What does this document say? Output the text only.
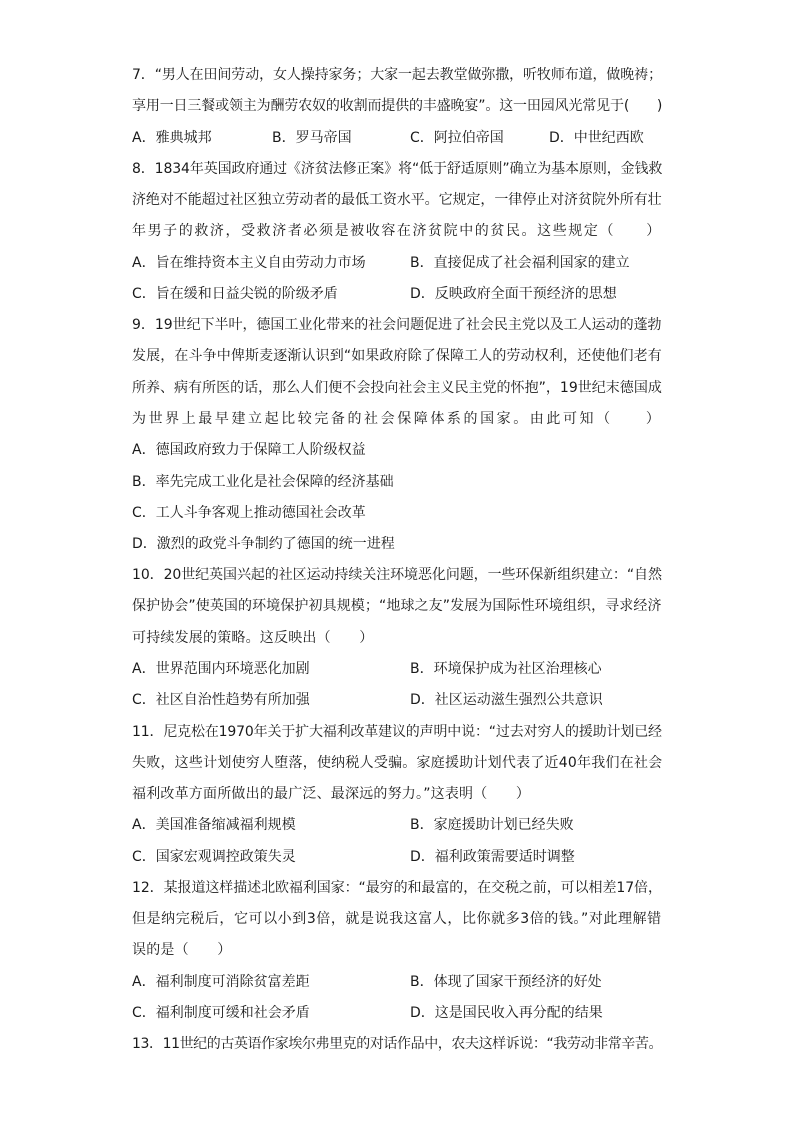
7．“男人在田间劳动，女人操持家务；大家一起去教堂做弥撒，听牧师布道，做晚祷；
享用一日三餐或领主为酬劳农奴的收割而提供的丰盛晚宴”。这一田园风光常见于(　　)
A．雅典城邦	B．罗马帝国	C．阿拉伯帝国	D．中世纪西欧
8．1834年英国政府通过《济贫法修正案》将“低于舒适原则”确立为基本原则，金钱救
济绝对不能超过社区独立劳动者的最低工资水平。它规定，一律停止对济贫院外所有壮
年男子的救济，受救济者必须是被收容在济贫院中的贫民。这些规定（　　）
A．旨在维持资本主义自由劳动力市场	B．直接促成了社会福利国家的建立
C．旨在缓和日益尖锐的阶级矛盾	D．反映政府全面干预经济的思想
9．19世纪下半叶，德国工业化带来的社会问题促进了社会民主党以及工人运动的蓬勃
发展，在斗争中俾斯麦逐渐认识到“如果政府除了保障工人的劳动权利，还使他们老有
所养、病有所医的话，那么人们便不会投向社会主义民主党的怀抱”，19世纪末德国成
为世界上最早建立起比较完备的社会保障体系的国家。由此可知（　　）
A．德国政府致力于保障工人阶级权益
B．率先完成工业化是社会保障的经济基础
C．工人斗争客观上推动德国社会改革
D．激烈的政党斗争制约了德国的统一进程
10．20世纪英国兴起的社区运动持续关注环境恶化问题，一些环保新组织建立：“自然
保护协会”使英国的环境保护初具规模；“地球之友”发展为国际性环境组织，寻求经济
可持续发展的策略。这反映出（　　）
A．世界范围内环境恶化加剧	B．环境保护成为社区治理核心
C．社区自治性趋势有所加强	D．社区运动滋生强烈公共意识
11．尼克松在1970年关于扩大福利改革建议的声明中说：“过去对穷人的援助计划已经
失败，这些计划使穷人堕落，使纳税人受骗。家庭援助计划代表了近40年我们在社会
福利改革方面所做出的最广泛、最深远的努力。”这表明（　　）
A．美国准备缩减福利规模	B．家庭援助计划已经失败
C．国家宏观调控政策失灵	D．福利政策需要适时调整
12．某报道这样描述北欧福利国家：“最穷的和最富的，在交税之前，可以相差17倍，
但是纳完税后，它可以小到3倍，就是说我这富人，比你就多3倍的钱。”对此理解错
误的是（　　）
A．福利制度可消除贫富差距	B．体现了国家干预经济的好处
C．福利制度可缓和社会矛盾	D．这是国民收入再分配的结果
13．11世纪的古英语作家埃尔弗里克的对话作品中，农夫这样诉说：“我劳动非常辛苦。
